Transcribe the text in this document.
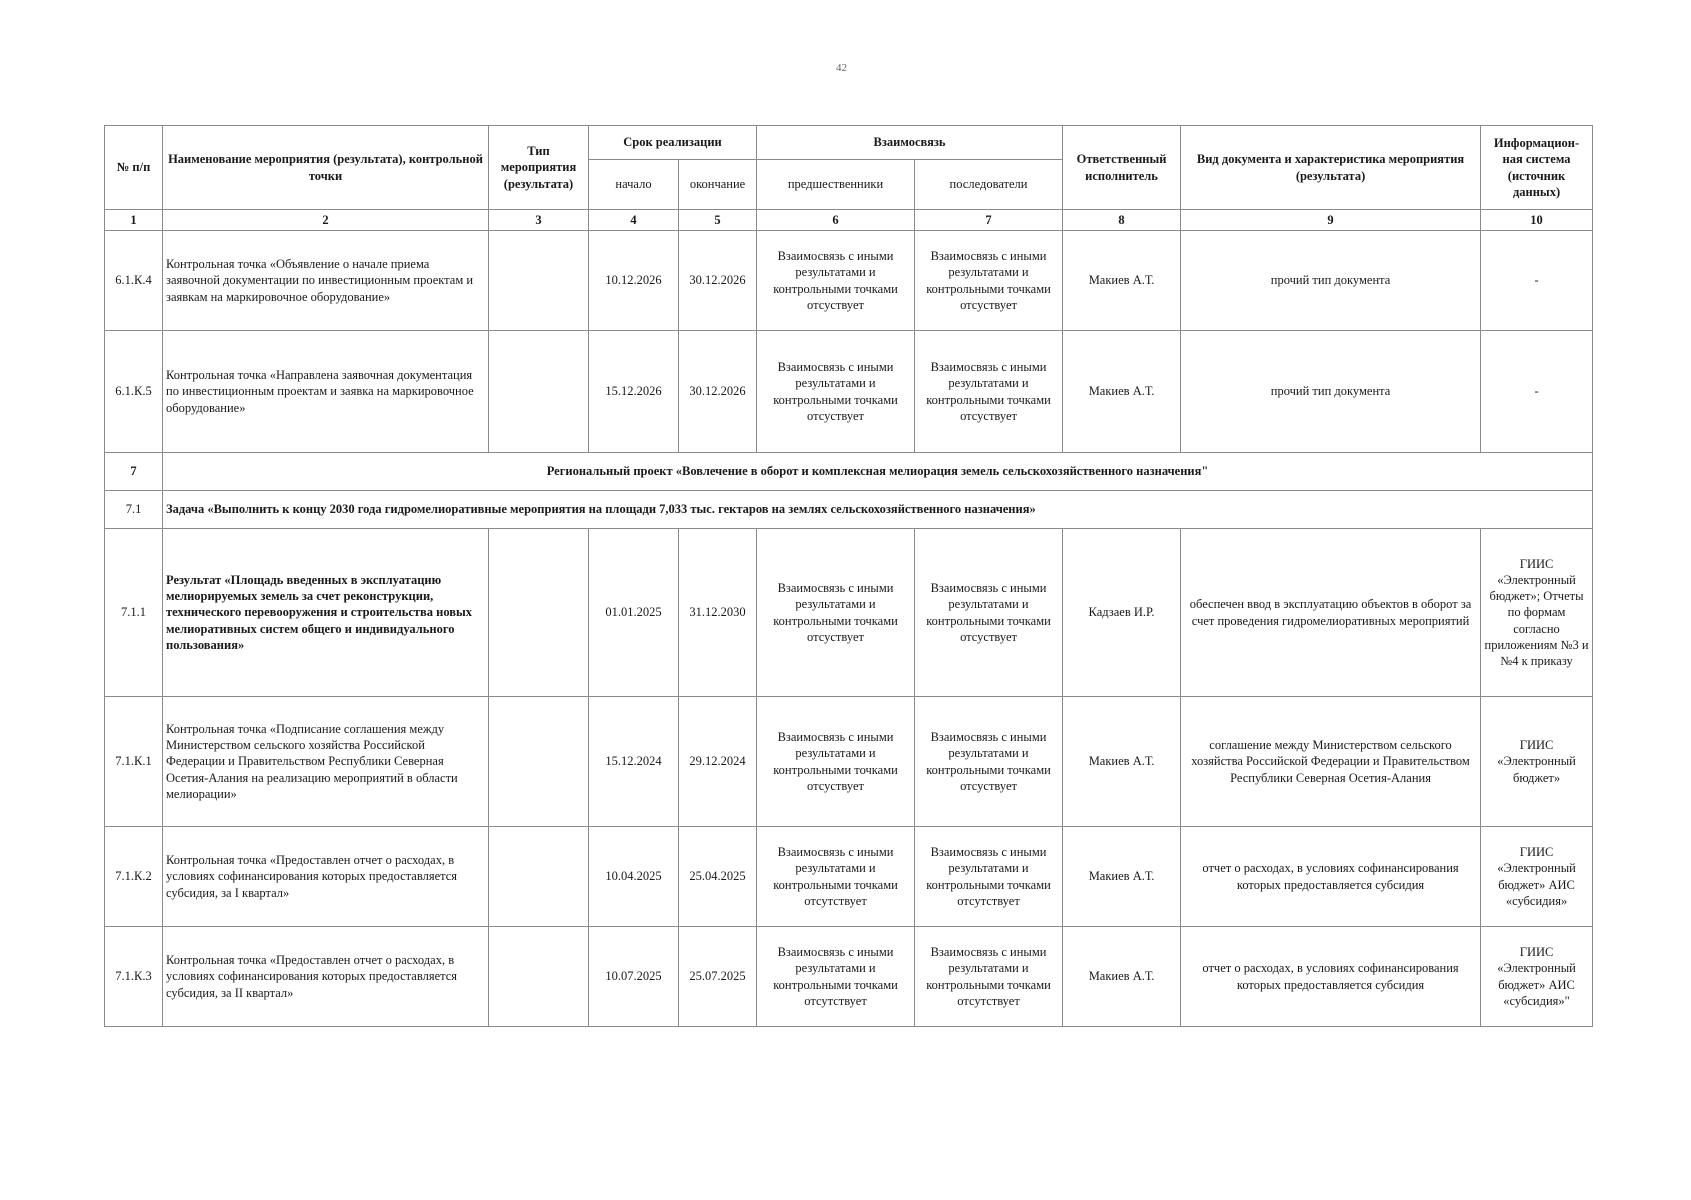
42
№ п/п	Наименование мероприятия (результата), контрольной точки	Тип мероприятия (результата)	Срок реализации		Взаимосвязь		Ответственный исполнитель	Вид документа и характеристика мероприятия (результата)	Информацион-ная система (источник данных)
			начало	окончание	предшественники	последователи			
1	2	3	4	5	6	7	8	9	10
6.1.К.4	Контрольная точка «Объявление о начале приема заявочной документации по инвестиционным проектам и заявкам на маркировочное оборудование»		10.12.2026	30.12.2026	Взаимосвязь с иными результатами и контрольными точками отсуствует	Взаимосвязь с иными результатами и контрольными точками отсуствует	Макиев А.Т.	прочий тип документа	-
6.1.К.5	Контрольная точка «Направлена заявочная документация по инвестиционным проектам и заявка на маркировочное оборудование»		15.12.2026	30.12.2026	Взаимосвязь с иными результатами и контрольными точками отсуствует	Взаимосвязь с иными результатами и контрольными точками отсуствует	Макиев А.Т.	прочий тип документа	-
7	Региональный проект «Вовлечение в оборот и комплексная мелиорация земель сельскохозяйственного назначения"								
7.1	Задача «Выполнить к концу 2030 года гидромелиоративные мероприятия на площади 7,033 тыс. гектаров на землях сельскохозяйственного назначения»								
7.1.1	Результат «Площадь введенных в эксплуатацию мелиорируемых земель за счет реконструкции, технического перевооружения и строительства новых мелиоративных систем общего и индивидуального пользования»		01.01.2025	31.12.2030	Взаимосвязь с иными результатами и контрольными точками отсуствует	Взаимосвязь с иными результатами и контрольными точками отсуствует	Кадзаев И.Р.	обеспечен ввод в эксплуатацию объектов в оборот за счет проведения гидромелиоративных мероприятий	ГИИС «Электронный бюджет»; Отчеты по формам согласно приложениям №3 и №4 к приказу
7.1.К.1	Контрольная точка «Подписание соглашения между Министерством сельского хозяйства Российской Федерации и Правительством Республики Северная Осетия-Алания на реализацию мероприятий в области мелиорации»		15.12.2024	29.12.2024	Взаимосвязь с иными результатами и контрольными точками отсуствует	Взаимосвязь с иными результатами и контрольными точками отсуствует	Макиев А.Т.	соглашение между Министерством сельского хозяйства Российской Федерации и Правительством Республики Северная Осетия-Алания	ГИИС «Электронный бюджет»
7.1.К.2	Контрольная точка «Предоставлен отчет о расходах, в условиях софинансирования которых предоставляется субсидия, за I квартал»		10.04.2025	25.04.2025	Взаимосвязь с иными результатами и контрольными точками отсутствует	Взаимосвязь с иными результатами и контрольными точками отсутствует	Макиев А.Т.	отчет о расходах, в условиях софинансирования которых предоставляется субсидия	ГИИС «Электронный бюджет» АИС «субсидия»
7.1.К.3	Контрольная точка «Предоставлен отчет о расходах, в условиях софинансирования которых предоставляется субсидия, за II квартал»		10.07.2025	25.07.2025	Взаимосвязь с иными результатами и контрольными точками отсутствует	Взаимосвязь с иными результатами и контрольными точками отсутствует	Макиев А.Т.	отчет о расходах, в условиях софинансирования которых предоставляется субсидия	ГИИС «Электронный бюджет» АИС «субсидия»"
